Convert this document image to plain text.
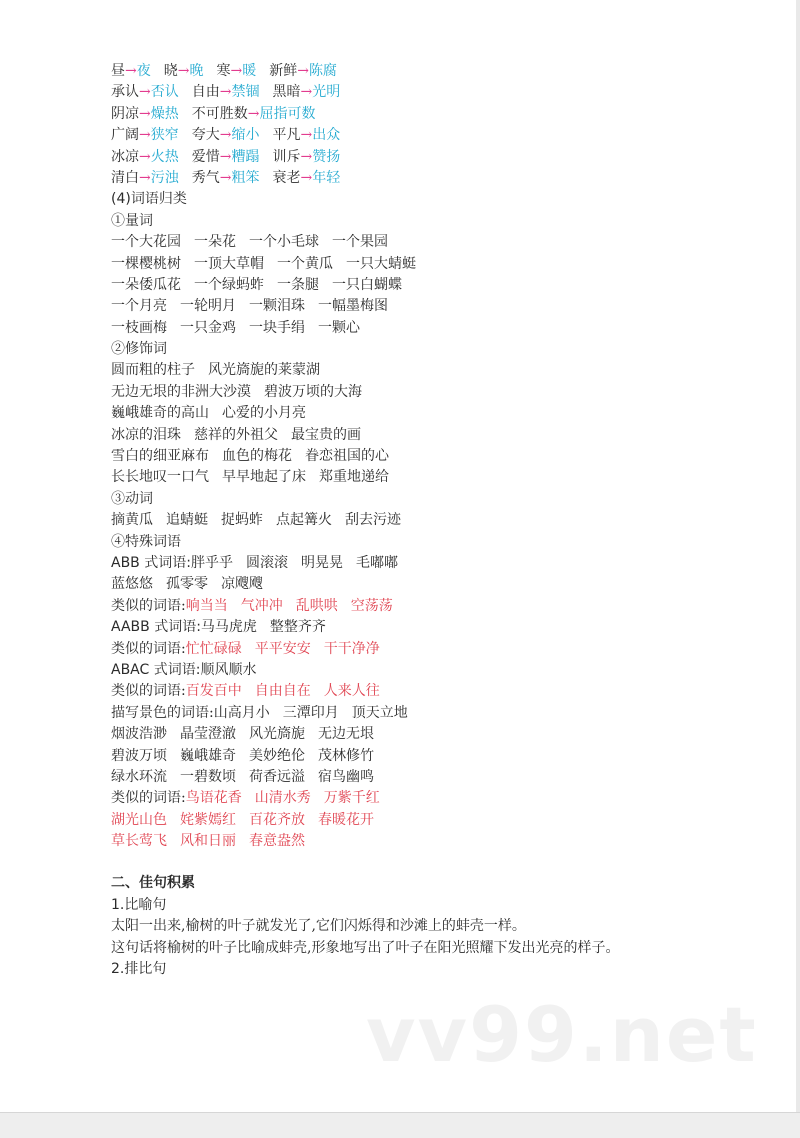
昼→夜 晓→晚 寒→暖 新鲜→陈腐
承认→否认 自由→禁锢 黑暗→光明
阴凉→燥热 不可胜数→屈指可数
广阔→狭窄 夸大→缩小 平凡→出众
冰凉→火热 爱惜→糟蹋 训斥→赞扬
清白→污浊 秀气→粗笨 衰老→年轻
(4)词语归类
①量词
一个大花园 一朵花 一个小毛球 一个果园
一棵樱桃树 一顶大草帽 一个黄瓜 一只大蜻蜓
一朵倭瓜花 一个绿蚂蚱 一条腿 一只白蝴蝶
一个月亮 一轮明月 一颗泪珠 一幅墨梅图
一枝画梅 一只金鸡 一块手绢 一颗心
②修饰词
圆而粗的柱子 风光旖旎的莱蒙湖
无边无垠的非洲大沙漠 碧波万顷的大海
巍峨雄奇的高山 心爱的小月亮
冰凉的泪珠 慈祥的外祖父 最宝贵的画
雪白的细亚麻布 血色的梅花 眷恋祖国的心
长长地叹一口气 早早地起了床 郑重地递给
③动词
摘黄瓜 追蜻蜓 捉蚂蚱 点起篝火 刮去污迹
④特殊词语
ABB 式词语:胖乎乎 圆滚滚 明晃晃 毛嘟嘟
蓝悠悠 孤零零 凉飕飕
类似的词语:响当当 气冲冲 乱哄哄 空荡荡
AABB 式词语:马马虎虎 整整齐齐
类似的词语:忙忙碌碌 平平安安 干干净净
ABAC 式词语:顺风顺水
类似的词语:百发百中 自由自在 人来人往
描写景色的词语:山高月小 三潭印月 顶天立地
烟波浩渺 晶莹澄澈 风光旖旎 无边无垠
碧波万顷 巍峨雄奇 美妙绝伦 茂林修竹
绿水环流 一碧数顷 荷香远溢 宿鸟幽鸣
类似的词语:鸟语花香 山清水秀 万紫千红
湖光山色 姹紫嫣红 百花齐放 春暖花开
草长莺飞 风和日丽 春意盎然
二、佳句积累
1.比喻句
太阳一出来,榆树的叶子就发光了,它们闪烁得和沙滩上的蚌壳一样。
这句话将榆树的叶子比喻成蚌壳,形象地写出了叶子在阳光照耀下发出光亮的样子。
2.排比句
vv99.net
